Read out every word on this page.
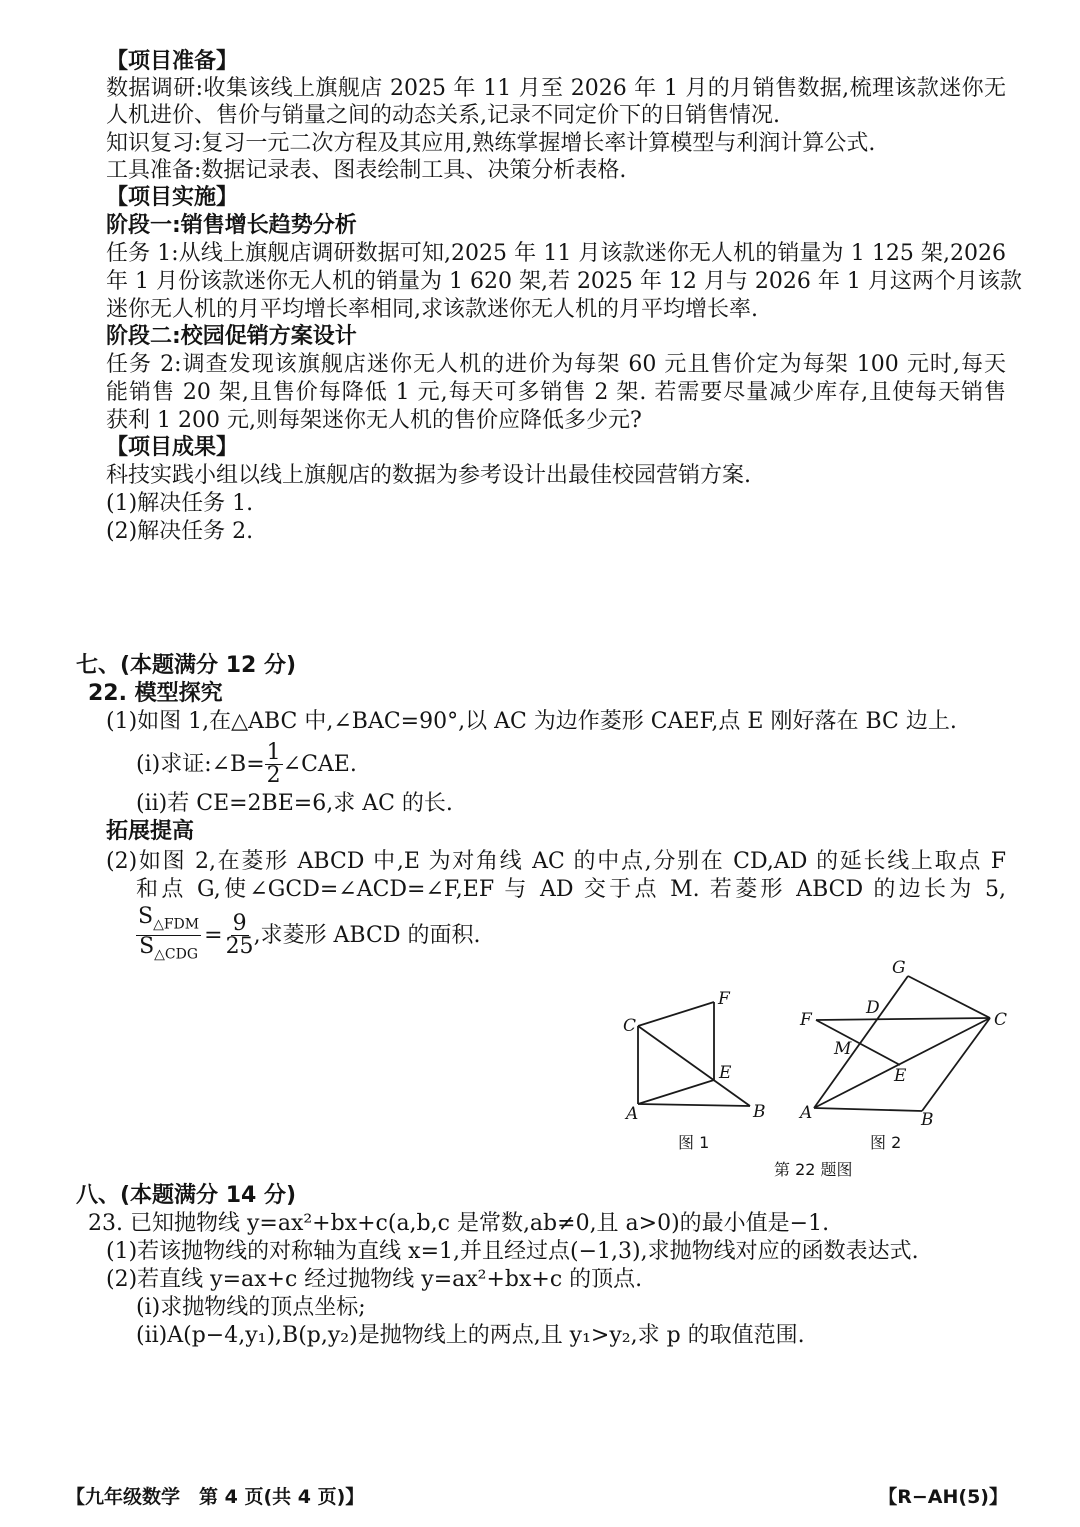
【项目准备】
数据调研:收集该线上旗舰店 2025 年 11 月至 2026 年 1 月的月销售数据,梳理该款迷你无
人机进价、售价与销量之间的动态关系,记录不同定价下的日销售情况.
知识复习:复习一元二次方程及其应用,熟练掌握增长率计算模型与利润计算公式.
工具准备:数据记录表、图表绘制工具、决策分析表格.
【项目实施】
阶段一:销售增长趋势分析
任务 1:从线上旗舰店调研数据可知,2025 年 11 月该款迷你无人机的销量为 1 125 架,2026
年 1 月份该款迷你无人机的销量为 1 620 架,若 2025 年 12 月与 2026 年 1 月这两个月该款
迷你无人机的月平均增长率相同,求该款迷你无人机的月平均增长率.
阶段二:校园促销方案设计
任务 2:调查发现该旗舰店迷你无人机的进价为每架 60 元且售价定为每架 100 元时,每天
能销售 20 架,且售价每降低 1 元,每天可多销售 2 架. 若需要尽量减少库存,且使每天销售
获利 1 200 元,则每架迷你无人机的售价应降低多少元?
【项目成果】
科技实践小组以线上旗舰店的数据为参考设计出最佳校园营销方案.
(1)解决任务 1.
(2)解决任务 2.
七、(本题满分 12 分)
22. 模型探究
(1)如图 1,在△ABC 中,∠BAC=90°,以 AC 为边作菱形 CAEF,点 E 刚好落在 BC 边上.
(ⅰ)求证:∠B= $\frac{1}{2}$ ∠CAE.
(ⅱ)若 CE=2BE=6,求 AC 的长.
拓展提高
(2)如图 2,在菱形 ABCD 中,E 为对角线 AC 的中点,分别在 CD,AD 的延长线上取点 F
和点 G,使∠GCD=∠ACD=∠F,EF 与 AD 交于点 M. 若菱形 ABCD 的边长为 5,
$\frac{S_{\triangle FDM}}{S_{\triangle CDG}} = \frac{9}{25}$ ,求菱形 ABCD 的面积.
C
F
E
A	B
图 1
G
D
F	C
M
E
A	B
图 2
第 22 题图
八、(本题满分 14 分)
23. 已知抛物线 y=ax²+bx+c(a,b,c 是常数,ab≠0,且 a>0)的最小值是−1.
(1)若该抛物线的对称轴为直线 x=1,并且经过点(−1,3),求抛物线对应的函数表达式.
(2)若直线 y=ax+c 经过抛物线 y=ax²+bx+c 的顶点.
(ⅰ)求抛物线的顶点坐标;
(ⅱ)A(p−4,y₁),B(p,y₂)是抛物线上的两点,且 y₁>y₂,求 p 的取值范围.
【九年级数学　第 4 页(共 4 页)】	【R−AH(5)】
